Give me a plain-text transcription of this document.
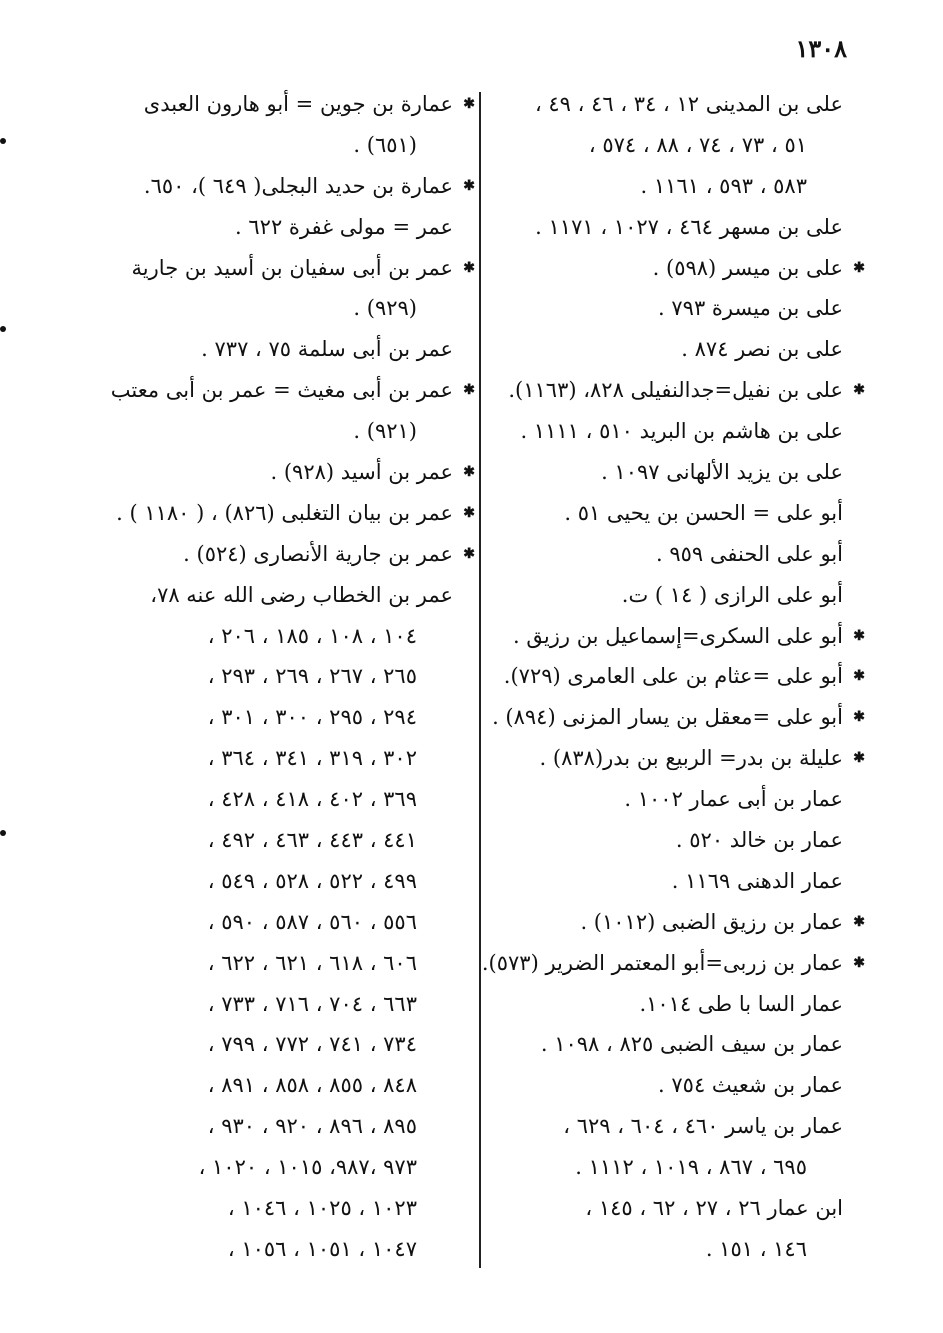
١٣٠٨
على بن المدينى ١٢ ، ٣٤ ، ٤٦ ، ٤٩ ،
٥١ ، ٧٣ ، ٧٤ ، ٨٨ ، ٥٧٤ ،
٥٨٣ ، ٥٩٣ ، ١١٦١ .
على بن مسهر ٤٦٤ ، ١٠٢٧ ، ١١٧١ .
✱
على بن ميسر (٥٩٨) .
على بن ميسرة ٧٩٣ .
على بن نصر ٨٧٤ .
✱
على بن نفيل=جدالنفيلى ٨٢٨، (١١٦٣).
على بن هاشم بن البريد ٥١٠ ، ١١١١ .
على بن يزيد الألهانى ١٠٩٧ .
أبو على = الحسن بن يحيى ٥١ .
أبو على الحنفى ٩٥٩ .
أبو على الرازى ( ١٤ ) ت.
✱
أبو على السكرى=إسماعيل بن رزيق .
✱
أبو على =عثام بن على العامرى (٧٢٩).
✱
أبو على =معقل بن يسار المزنى (٨٩٤) .
✱
عليلة بن بدر= الربيع بن بدر(٨٣٨) .
عمار بن أبى عمار ١٠٠٢ .
عمار بن خالد ٥٢٠ .
عمار الدهنى ١١٦٩ .
✱
عمار بن رزيق الضبى (١٠١٢) .
✱
عمار بن زربى=أبو المعتمر الضرير (٥٧٣).
عمار السا با طى ١٠١٤.
عمار بن سيف الضبى ٨٢٥ ، ١٠٩٨ .
عمار بن شعيث ٧٥٤ .
عمار بن ياسر ٤٦٠ ، ٦٠٤ ، ٦٢٩ ،
٦٩٥ ، ٨٦٧ ، ١٠١٩ ، ١١١٢ .
ابن عمار ٢٦ ، ٢٧ ، ٦٢ ، ١٤٥ ،
١٤٦ ، ١٥١ .
✱
عمارة بن جوين = أبو هارون العبدى
(٦٥١) .
✱
عمارة بن حديد البجلى( ٦٤٩ )، ٦٥٠.
عمر = مولى غفرة ٦٢٢ .
✱
عمر بن أبى سفيان بن أسيد بن جارية
(٩٢٩) .
عمر بن أبى سلمة ٧٥ ، ٧٣٧ .
✱
عمر بن أبى مغيث = عمر بن أبى معتب
(٩٢١) .
✱
عمر بن أسيد (٩٢٨) .
✱
عمر بن بيان التغلبى (٨٢٦) ، ( ١١٨٠ ) .
✱
عمر بن جارية الأنصارى (٥٢٤) .
عمر بن الخطاب رضى الله عنه ٧٨،
١٠٤ ، ١٠٨ ، ١٨٥ ، ٢٠٦ ،
٢٦٥ ، ٢٦٧ ، ٢٦٩ ، ٢٩٣ ،
٢٩٤ ، ٢٩٥ ، ٣٠٠ ، ٣٠١ ،
٣٠٢ ، ٣١٩ ، ٣٤١ ، ٣٦٤ ،
٣٦٩ ، ٤٠٢ ، ٤١٨ ، ٤٢٨ ،
٤٤١ ، ٤٤٣ ، ٤٦٣ ، ٤٩٢ ،
٤٩٩ ، ٥٢٢ ، ٥٢٨ ، ٥٤٩ ،
٥٥٦ ، ٥٦٠ ، ٥٨٧ ، ٥٩٠ ،
٦٠٦ ، ٦١٨ ، ٦٢١ ، ٦٢٢ ،
٦٦٣ ، ٧٠٤ ، ٧١٦ ، ٧٣٣ ،
٧٣٤ ، ٧٤١ ، ٧٧٢ ، ٧٩٩ ،
٨٤٨ ، ٨٥٥ ، ٨٥٨ ، ٨٩١ ،
٨٩٥ ، ٨٩٦ ، ٩٢٠ ، ٩٣٠ ،
٩٧٣ ،٩٨٧، ١٠١٥ ، ١٠٢٠ ،
١٠٢٣ ، ١٠٢٥ ، ١٠٤٦ ،
١٠٤٧ ، ١٠٥١ ، ١٠٥٦ ،
